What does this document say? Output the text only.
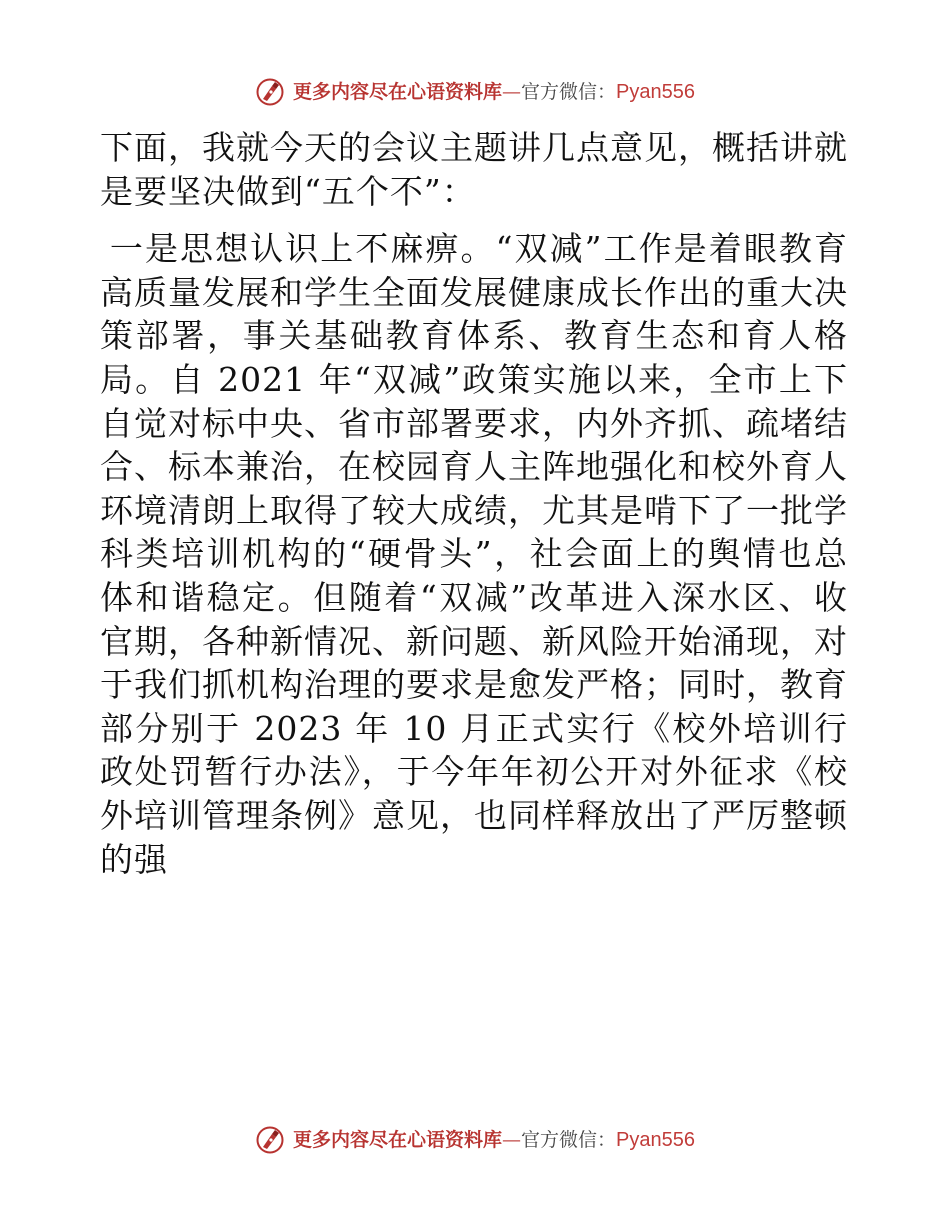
更多内容尽在心语资料库 — 官方微信： Pyan556

下面，我就今天的会议主题讲几点意见，概括讲就是要坚决做到“五个不”：

一是思想认识上不麻痹。“双减”工作是着眼教育高质量发展和学生全面发展健康成长作出的重大决策部署，事关基础教育体系、教育生态和育人格局。自 2021 年“双减”政策实施以来，全市上下自觉对标中央、省市部署要求，内外齐抓、疏堵结合、标本兼治，在校园育人主阵地强化和校外育人环境清朗上取得了较大成绩，尤其是啃下了一批学科类培训机构的“硬骨头”，社会面上的舆情也总体和谐稳定。但随着“双减”改革进入深水区、收官期，各种新情况、新问题、新风险开始涌现，对于我们抓机构治理的要求是愈发严格；同时，教育部分别于 2023 年 10 月正式实行《校外培训行政处罚暂行办法》，于今年年初公开对外征求《校外培训管理条例》意见，也同样释放出了严厉整顿的强

更多内容尽在心语资料库 — 官方微信： Pyan556
